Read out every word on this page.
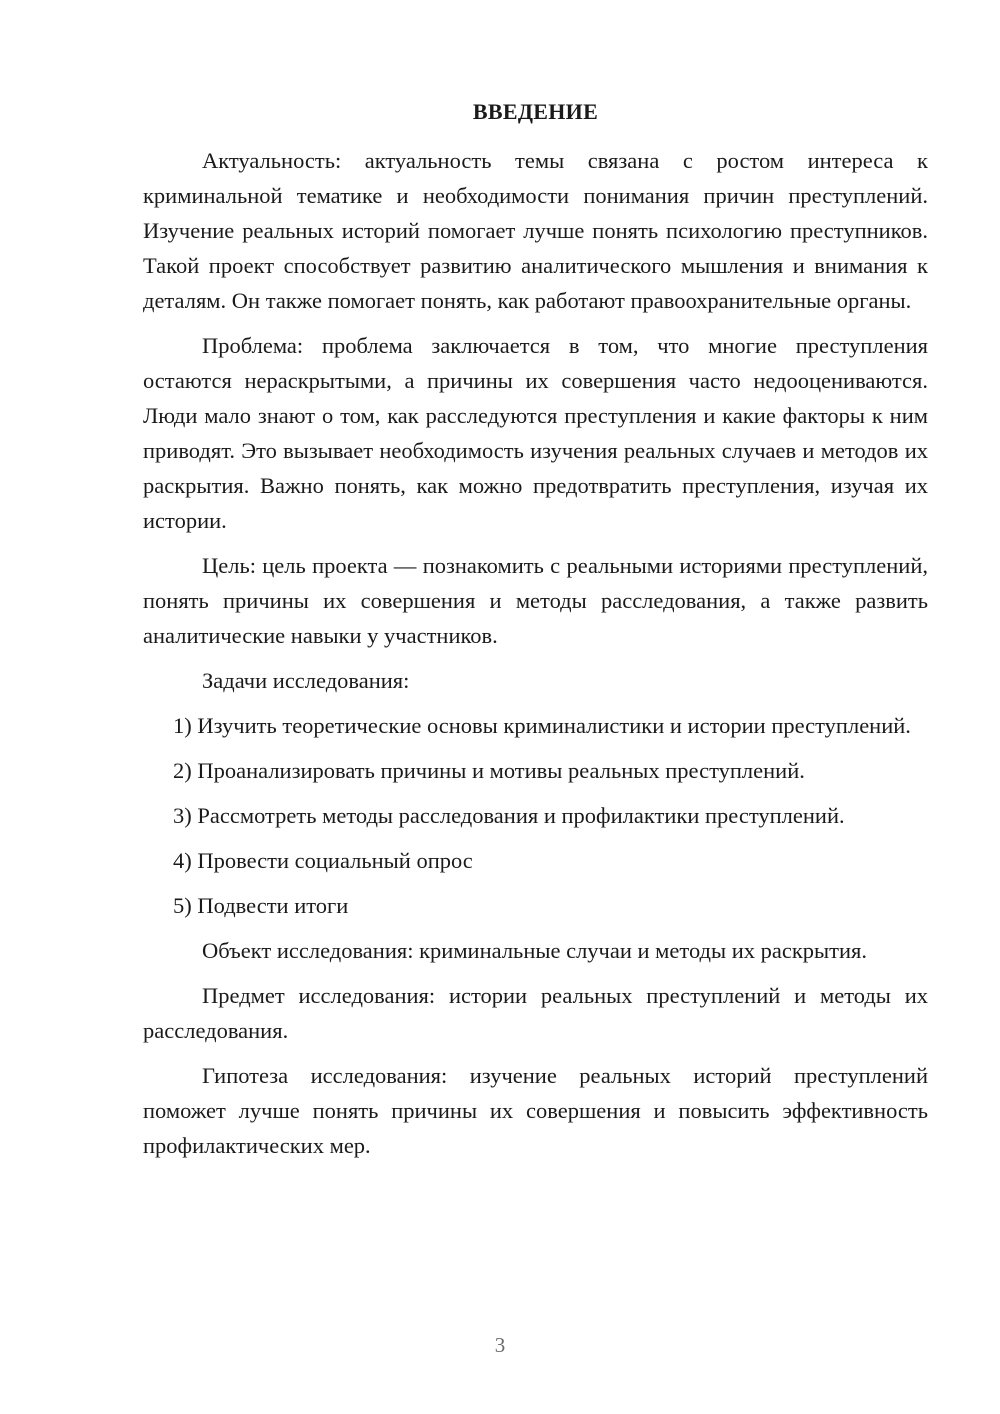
ВВЕДЕНИЕ
Актуальность: актуальность темы связана с ростом интереса к криминальной тематике и необходимости понимания причин преступлений. Изучение реальных историй помогает лучше понять психологию преступников. Такой проект способствует развитию аналитического мышления и внимания к деталям. Он также помогает понять, как работают правоохранительные органы.
Проблема: проблема заключается в том, что многие преступления остаются нераскрытыми, а причины их совершения часто недооцениваются. Люди мало знают о том, как расследуются преступления и какие факторы к ним приводят. Это вызывает необходимость изучения реальных случаев и методов их раскрытия. Важно понять, как можно предотвратить преступления, изучая их истории.
Цель: цель проекта — познакомить с реальными историями преступлений, понять причины их совершения и методы расследования, а также развить аналитические навыки у участников.
Задачи исследования:
1) Изучить теоретические основы криминалистики и истории преступлений.
2) Проанализировать причины и мотивы реальных преступлений.
3) Рассмотреть методы расследования и профилактики преступлений.
4) Провести социальный опрос
5) Подвести итоги
Объект исследования: криминальные случаи и методы их раскрытия.
Предмет исследования: истории реальных преступлений и методы их расследования.
Гипотеза исследования: изучение реальных историй преступлений поможет лучше понять причины их совершения и повысить эффективность профилактических мер.
3
